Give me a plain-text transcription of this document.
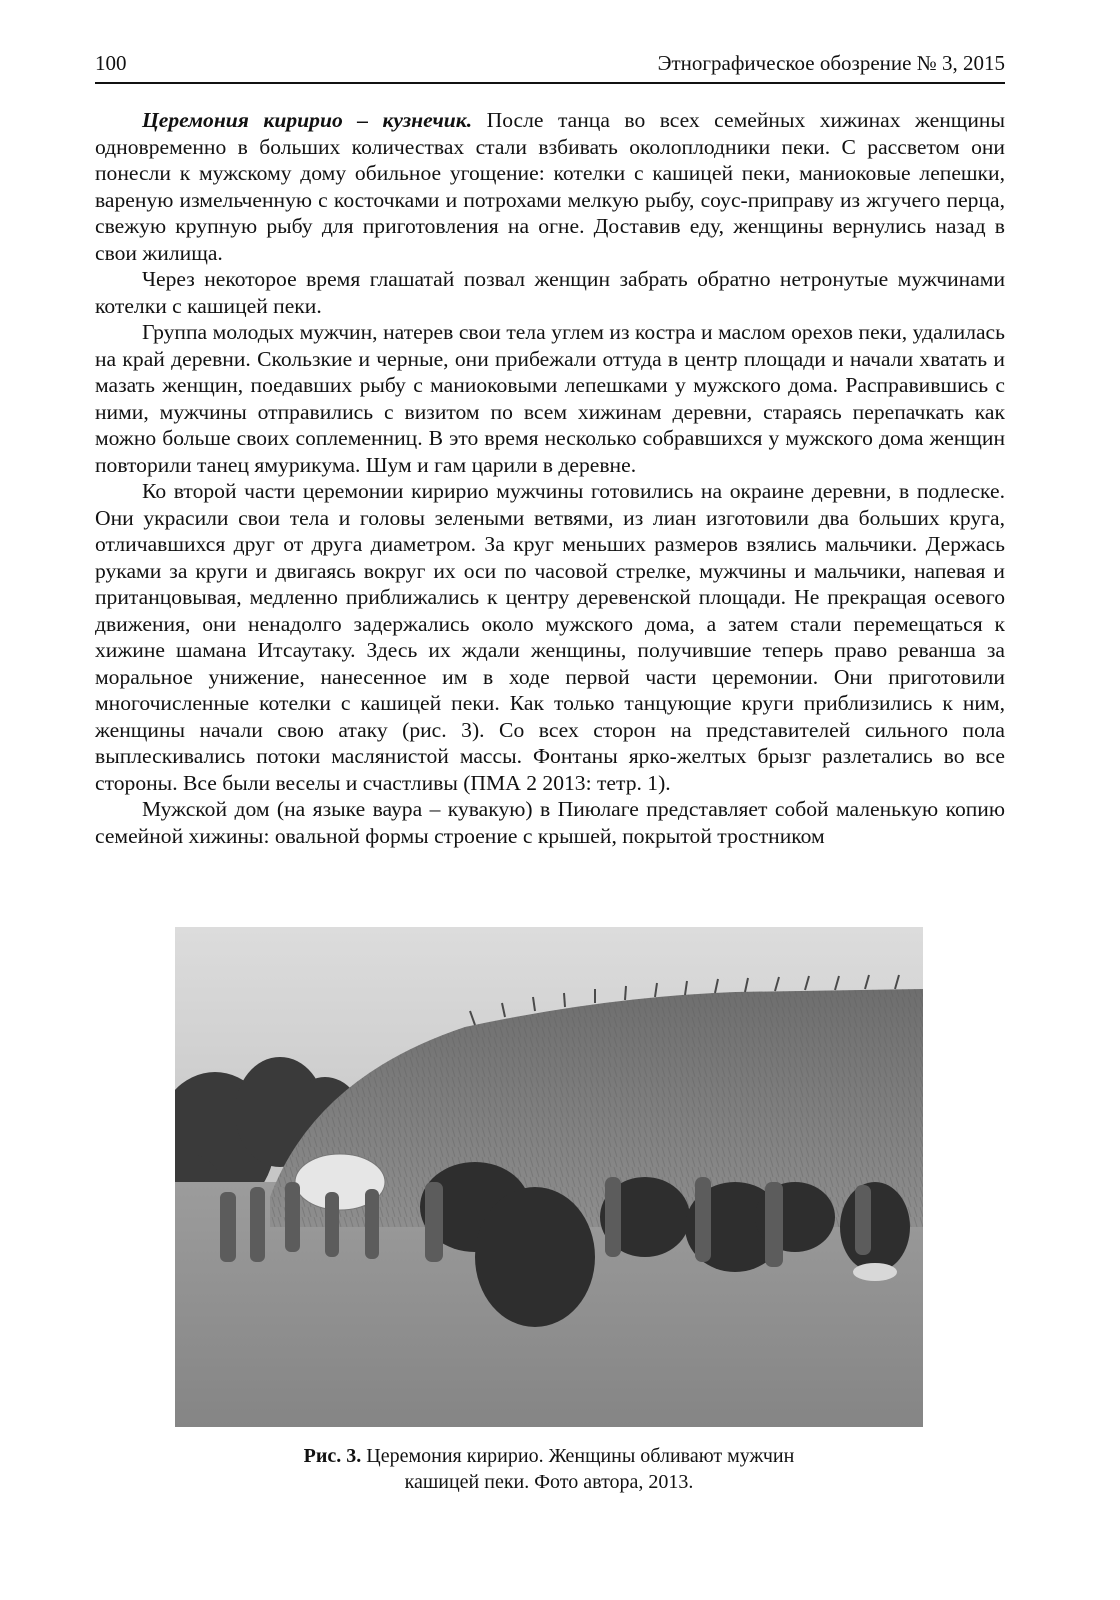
100	Этнографическое обозрение № 3, 2015

Церемония киририо – кузнечик. После танца во всех семейных хижинах женщины одновременно в больших количествах стали взбивать околоплодники пеки. С рассветом они понесли к мужскому дому обильное угощение: котелки с кашицей пеки, маниоковые лепешки, вареную измельченную с косточками и потрохами мелкую рыбу, соус-приправу из жгучего перца, свежую крупную рыбу для приготовления на огне. Доставив еду, женщины вернулись назад в свои жилища.

Через некоторое время глашатай позвал женщин забрать обратно нетронутые мужчинами котелки с кашицей пеки.

Группа молодых мужчин, натерев свои тела углем из костра и маслом орехов пеки, удалилась на край деревни. Скользкие и черные, они прибежали оттуда в центр площади и начали хватать и мазать женщин, поедавших рыбу с маниоковыми лепешками у мужского дома. Расправившись с ними, мужчины отправились с визитом по всем хижинам деревни, стараясь перепачкать как можно больше своих соплеменниц. В это время несколько собравшихся у мужского дома женщин повторили танец ямурикума. Шум и гам царили в деревне.

Ко второй части церемонии киририо мужчины готовились на окраине деревни, в подлеске. Они украсили свои тела и головы зелеными ветвями, из лиан изготовили два больших круга, отличавшихся друг от друга диаметром. За круг меньших размеров взялись мальчики. Держась руками за круги и двигаясь вокруг их оси по часовой стрелке, мужчины и мальчики, напевая и пританцовывая, медленно приближались к центру деревенской площади. Не прекращая осевого движения, они ненадолго задержались около мужского дома, а затем стали перемещаться к хижине шамана Итсаутаку. Здесь их ждали женщины, получившие теперь право реванша за моральное унижение, нанесенное им в ходе первой части церемонии. Они приготовили многочисленные котелки с кашицей пеки. Как только танцующие круги приблизились к ним, женщины начали свою атаку (рис. 3). Со всех сторон на представителей сильного пола выплескивались потоки маслянистой массы. Фонтаны ярко-желтых брызг разлетались во все стороны. Все были веселы и счастливы (ПМА 2 2013: тетр. 1).

Мужской дом (на языке ваура – кувакую) в Пиюлаге представляет собой маленькую копию семейной хижины: овальной формы строение с крышей, покрытой тростником

Рис. 3. Церемония киририо. Женщины обливают мужчин
кашицей пеки. Фото автора, 2013.
